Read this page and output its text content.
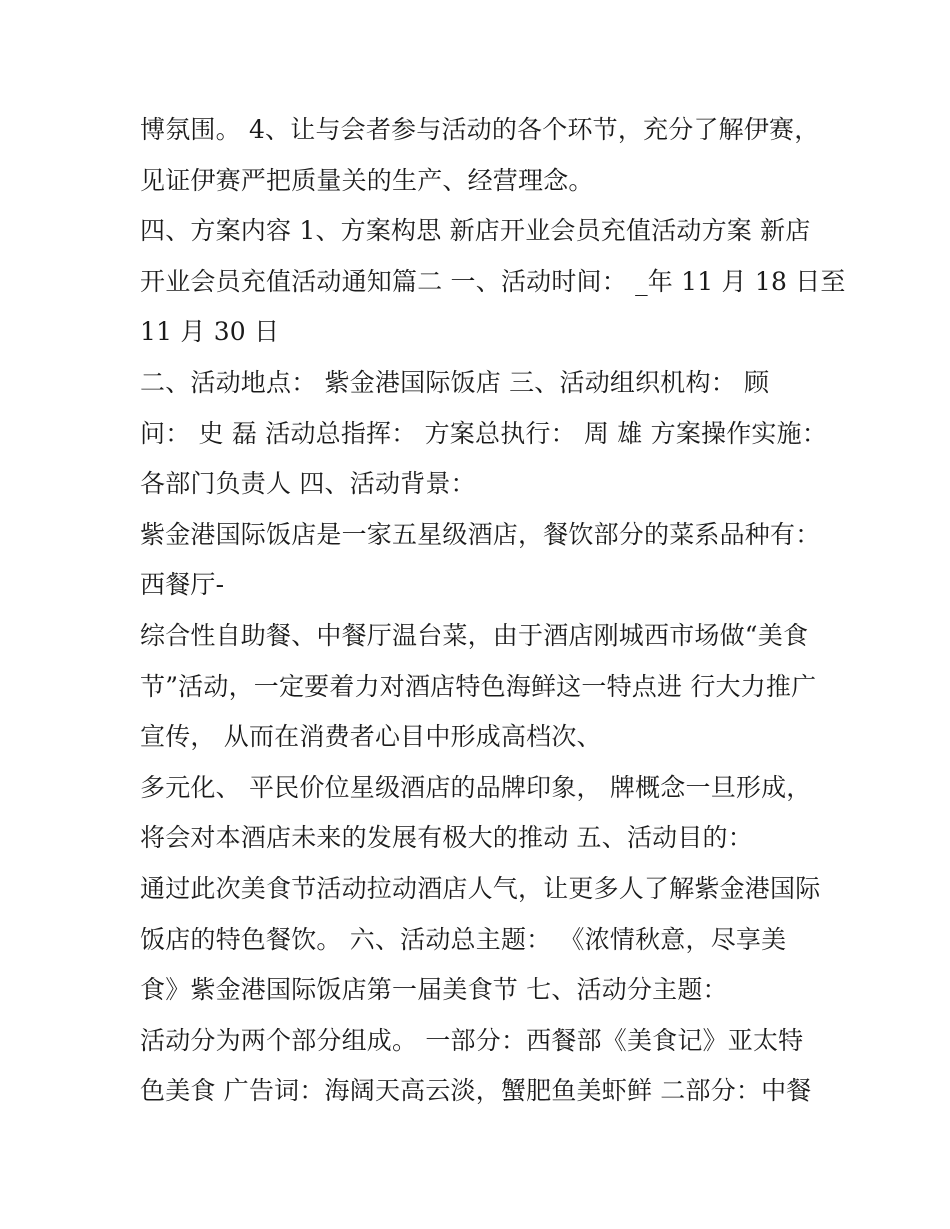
博氛围。 4、让与会者参与活动的各个环节，充分了解伊赛，
见证伊赛严把质量关的生产、经营理念。
四、方案内容 1、方案构思 新店开业会员充值活动方案 新店
开业会员充值活动通知篇二 一、活动时间： _年 11 月 18 日至
11 月 30 日
二、活动地点： 紫金港国际饭店 三、活动组织机构： 顾
问： 史 磊 活动总指挥： 方案总执行： 周 雄 方案操作实施：
各部门负责人 四、活动背景：
紫金港国际饭店是一家五星级酒店，餐饮部分的菜系品种有：
西餐厅-
综合性自助餐、中餐厅温台菜，由于酒店刚城西市场做“美食
节”活动，一定要着力对酒店特色海鲜这一特点进 行大力推广
宣传， 从而在消费者心目中形成高档次、
多元化、 平民价位星级酒店的品牌印象， 牌概念一旦形成，
将会对本酒店未来的发展有极大的推动 五、活动目的：
通过此次美食节活动拉动酒店人气，让更多人了解紫金港国际
饭店的特色餐饮。 六、活动总主题： 《浓情秋意，尽享美
食》紫金港国际饭店第一届美食节 七、活动分主题：
活动分为两个部分组成。 一部分：西餐部《美食记》亚太特
色美食 广告词：海阔天高云淡，蟹肥鱼美虾鲜 二部分：中餐
